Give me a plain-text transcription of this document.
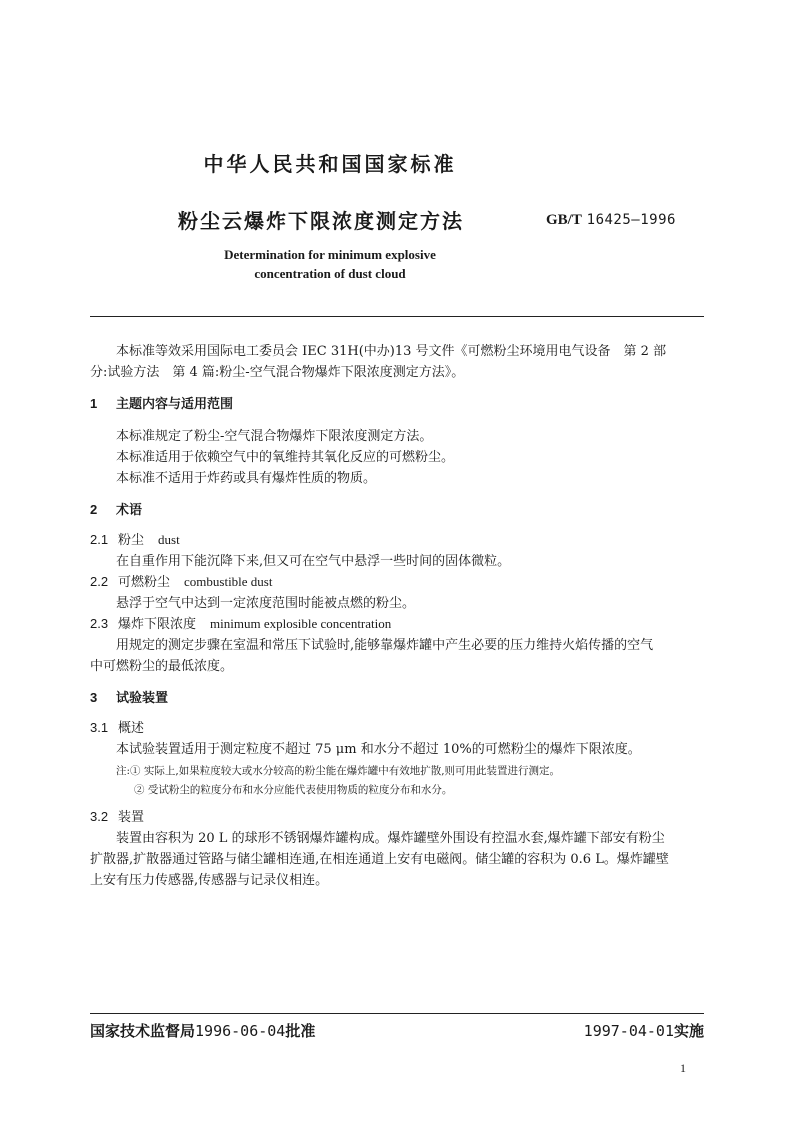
中华人民共和国国家标准
粉尘云爆炸下限浓度测定方法	GB/T 16425—1996
Determination for minimum explosive
concentration of dust cloud
本标准等效采用国际电工委员会 IEC 31H(中办)13 号文件《可燃粉尘环境用电气设备　第 2 部
分:试验方法　第 4 篇:粉尘-空气混合物爆炸下限浓度测定方法》。
1 主题内容与适用范围
本标准规定了粉尘-空气混合物爆炸下限浓度测定方法。
本标准适用于依赖空气中的氧维持其氧化反应的可燃粉尘。
本标准不适用于炸药或具有爆炸性质的物质。
2 术语
2.1 粉尘 dust
在自重作用下能沉降下来,但又可在空气中悬浮一些时间的固体微粒。
2.2 可燃粉尘 combustible dust
悬浮于空气中达到一定浓度范围时能被点燃的粉尘。
2.3 爆炸下限浓度 minimum explosible concentration
用规定的测定步骤在室温和常压下试验时,能够靠爆炸罐中产生必要的压力维持火焰传播的空气
中可燃粉尘的最低浓度。
3 试验装置
3.1 概述
本试验装置适用于测定粒度不超过 75 μm 和水分不超过 10%的可燃粉尘的爆炸下限浓度。
注:① 实际上,如果粒度较大或水分较高的粉尘能在爆炸罐中有效地扩散,则可用此装置进行测定。
② 受试粉尘的粒度分布和水分应能代表使用物质的粒度分布和水分。
3.2 装置
装置由容积为 20 L 的球形不锈钢爆炸罐构成。爆炸罐壁外围设有控温水套,爆炸罐下部安有粉尘
扩散器,扩散器通过管路与储尘罐相连通,在相连通道上安有电磁阀。储尘罐的容积为 0.6 L。爆炸罐壁
上安有压力传感器,传感器与记录仪相连。
国家技术监督局1996-06-04批准	1997-04-01实施
1
